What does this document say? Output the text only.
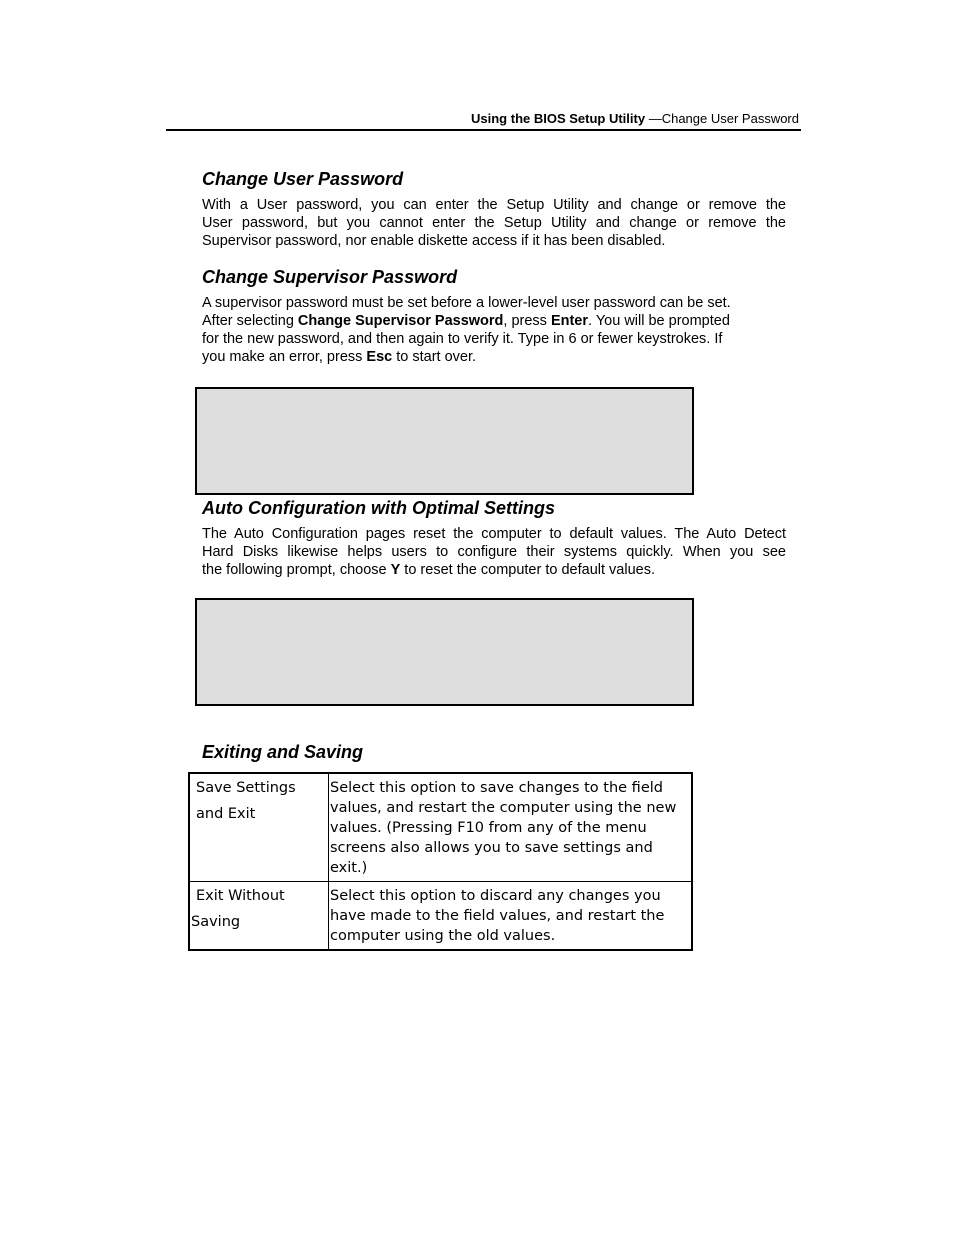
Using the BIOS Setup Utility —Change User Password
Change User Password
With a User password, you can enter the Setup Utility and change or remove the
User password, but you cannot enter the Setup Utility and change or remove the
Supervisor password, nor enable diskette access if it has been disabled.
Change Supervisor Password
A supervisor password must be set before a lower-level user password can be set.
After selecting Change Supervisor Password, press Enter. You will be prompted
for the new password, and then again to verify it. Type in 6 or fewer keystrokes. If
you make an error, press Esc to start over.
Auto Configuration with Optimal Settings
The Auto Configuration pages reset the computer to default values. The Auto Detect
Hard Disks likewise helps users to configure their systems quickly. When you see
the following prompt, choose Y to reset the computer to default values.
Exiting and Saving
Save Settings
and Exit	Select this option to save changes to the field values, and restart the computer using the new values. (Pressing F10 from any of the menu screens also allows you to save settings and exit.)
Exit Without
Saving	Select this option to discard any changes you have made to the field values, and restart the computer using the old values.
